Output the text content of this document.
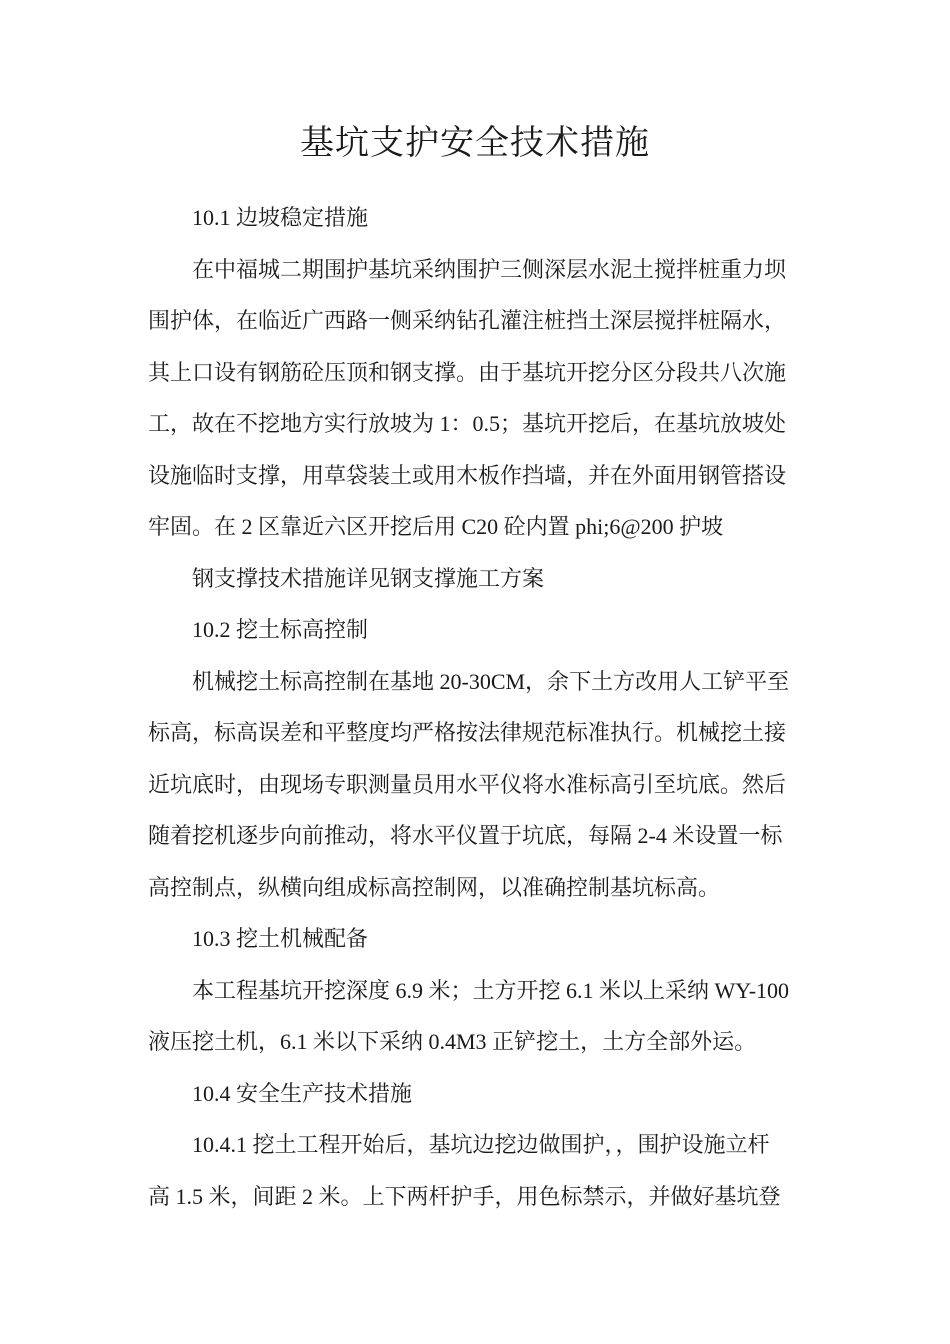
基坑支护安全技术措施

10.1 边坡稳定措施

在中福城二期围护基坑采纳围护三侧深层水泥土搅拌桩重力坝
围护体，在临近广西路一侧采纳钻孔灌注桩挡土深层搅拌桩隔水，
其上口设有钢筋砼压顶和钢支撑。由于基坑开挖分区分段共八次施
工，故在不挖地方实行放坡为 1：0.5；基坑开挖后，在基坑放坡处
设施临时支撑，用草袋装土或用木板作挡墙，并在外面用钢管搭设
牢固。在 2 区靠近六区开挖后用 C20 砼内置 phi;6@200 护坡

钢支撑技术措施详见钢支撑施工方案

10.2 挖土标高控制

机械挖土标高控制在基地 20-30CM，余下土方改用人工铲平至
标高，标高误差和平整度均严格按法律规范标准执行。机械挖土接
近坑底时，由现场专职测量员用水平仪将水准标高引至坑底。然后
随着挖机逐步向前推动，将水平仪置于坑底，每隔 2-4 米设置一标
高控制点，纵横向组成标高控制网，以准确控制基坑标高。

10.3 挖土机械配备

本工程基坑开挖深度 6.9 米；土方开挖 6.1 米以上采纳 WY-100
液压挖土机，6.1 米以下采纳 0.4M3 正铲挖土，土方全部外运。

10.4 安全生产技术措施

10.4.1 挖土工程开始后，基坑边挖边做围护，，围护设施立杆
高 1.5 米，间距 2 米。上下两杆护手，用色标禁示，并做好基坑登
